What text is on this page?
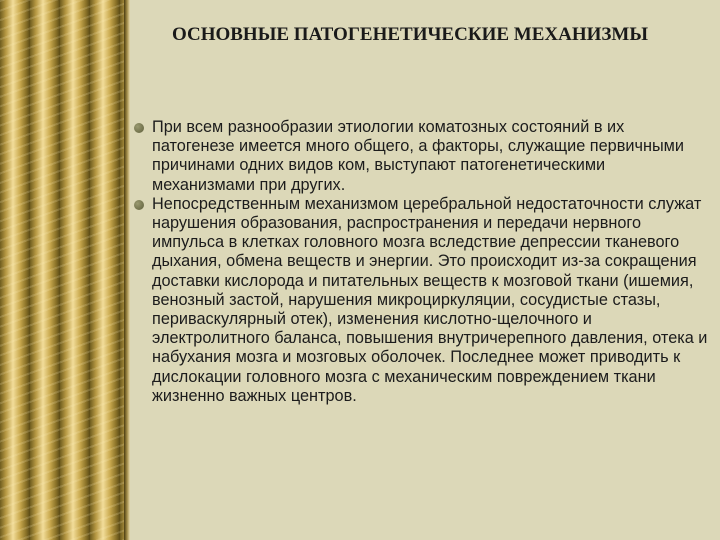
ОСНОВНЫЕ ПАТОГЕНЕТИЧЕСКИЕ МЕХАНИЗМЫ
При всем разнообразии этиологии коматозных состояний в их патогенезе имеется много общего, а факторы, служащие первичными причинами одних видов ком, выступают патогенетическими механизмами при других.
Непосредственным механизмом церебральной недостаточности служат нарушения образования, распространения и передачи нервного импульса в клетках головного мозга вследствие депрессии тканевого дыхания, обмена веществ и энергии. Это происходит из-за сокращения доставки кислорода и питательных веществ к мозговой ткани (ишемия, венозный застой, нарушения микроциркуляции, сосудистые стазы, периваскулярный отек), изменения кислотно-щелочного и электролитного баланса, повышения внутричерепного давления, отека и набухания мозга и мозговых оболочек. Последнее может приводить к дислокации головного мозга с механическим повреждением ткани жизненно важных центров.
